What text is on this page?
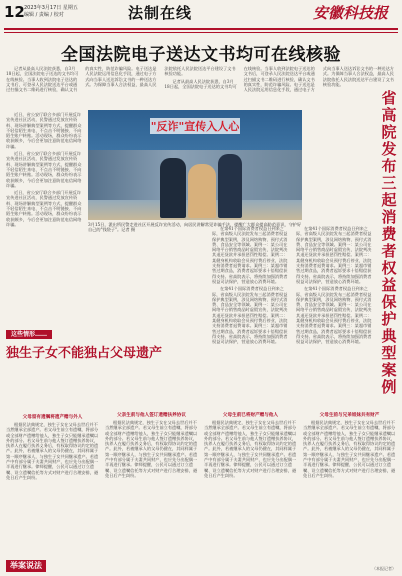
12 2023年3月17日 星期五
编辑 / 责编 / 校对	法制在线	安徽科技报
全国法院电子送达文书均可在线核验

记者从最高人民法院获悉，自3月18日起，全国法院电子送达的文书均可在线核验。当事人收到法院电子送达的文书后，可登录人民法院送达平台或通过扫描文书二维码进行核验，确认文书的真实性，防范诈骗风险。电子送达是人民法院运用信息化手段，通过电子方式向当事人送达诉讼文书的一种送达方式。为保障当事人合法权益，最高人民法院依托人民法院送达平台建设了文书核验功能。

记者从最高人民法院获悉，自3月18日起，全国法院电子送达的文书均可在线核验。当事人收到法院电子送达的文书后，可登录人民法院送达平台或通过扫描文书二维码进行核验，确认文书的真实性，防范诈骗风险。电子送达是人民法院运用信息化手段，通过电子方式向当事人送达诉讼文书的一种送达方式。为保障当事人合法权益，最高人民法院依托人民法院送达平台建设了文书核验功能。

近日，省公安厅联合多部门开展反诈宣传进社区活动，民警通过发放宣传资料、现场讲解典型案例等方式，提醒群众不轻信陌生来电、不点击不明链接、不向陌生账户转账。活动现场，群众纷纷表示收获颇多，今后会更加注意防范电信网络诈骗。

近日，省公安厅联合多部门开展反诈宣传进社区活动，民警通过发放宣传资料、现场讲解典型案例等方式，提醒群众不轻信陌生来电、不点击不明链接、不向陌生账户转账。活动现场，群众纷纷表示收获颇多，今后会更加注意防范电信网络诈骗。

近日，省公安厅联合多部门开展反诈宣传进社区活动，民警通过发放宣传资料、现场讲解典型案例等方式，提醒群众不轻信陌生来电、不点击不明链接、不向陌生账户转账。活动现场，群众纷纷表示收获颇多，今后会更加注意防范电信网络诈骗。

"反诈"宣传入人心
3月15日，派出所民警走进社区开展反诈宣传活动，向居民讲解常见诈骗手法，提醒广大群众提高防范意识，守护好自己的"钱袋子"。记者 摄
省高院发布三起消费者权益保护典型案例

在第41个国际消费者权益日到来之际，省高级人民法院发布三起消费者权益保护典型案例，涉及网络购物、预付式消费、食品安全等领域。案例一：某公司在网络平台销售商品时虚假宣传，法院判决其退还货款并承担惩罚性赔偿。案例二：某健身机构收取会员预付费后停业，法院支持消费者退费请求。案例三：某超市销售过期食品，消费者起诉要求十倍赔偿获得支持。省高院表示，将持续加强消费者权益司法保护，营造放心消费环境。

在第41个国际消费者权益日到来之际，省高级人民法院发布三起消费者权益保护典型案例，涉及网络购物、预付式消费、食品安全等领域。案例一：某公司在网络平台销售商品时虚假宣传，法院判决其退还货款并承担惩罚性赔偿。案例二：某健身机构收取会员预付费后停业，法院支持消费者退费请求。案例三：某超市销售过期食品，消费者起诉要求十倍赔偿获得支持。省高院表示，将持续加强消费者权益司法保护，营造放心消费环境。

在第41个国际消费者权益日到来之际，省高级人民法院发布三起消费者权益保护典型案例，涉及网络购物、预付式消费、食品安全等领域。案例一：某公司在网络平台销售商品时虚假宣传，法院判决其退还货款并承担惩罚性赔偿。案例二：某健身机构收取会员预付费后停业，法院支持消费者退费请求。案例三：某超市销售过期食品，消费者起诉要求十倍赔偿获得支持。省高院表示，将持续加强消费者权益司法保护，营造放心消费环境。

在第41个国际消费者权益日到来之际，省高级人民法院发布三起消费者权益保护典型案例，涉及网络购物、预付式消费、食品安全等领域。案例一：某公司在网络平台销售商品时虚假宣传，法院判决其退还货款并承担惩罚性赔偿。案例二：某健身机构收取会员预付费后停业，法院支持消费者退费请求。案例三：某超市销售过期食品，消费者起诉要求十倍赔偿获得支持。省高院表示，将持续加强消费者权益司法保护，营造放心消费环境。

这些情形……
独生子女不能独占父母遗产
父母留有遗嘱将遗产赠与外人

根据民法典规定，独生子女在父母去世后并不当然继承全部遗产。若父母生前立有遗嘱，将部分或全部财产遗赠给他人，独生子女只能继承遗嘱以外的部分。若父母生前与他人签订遗赠扶养协议，扶养人在履行扶养义务后，有权取得协议约定的遗产。此外，若被继承人的父母仍健在，其同样属于第一顺序继承人，与独生子女共同继承遗产。若遗产中有部分属于夫妻共同财产，也应先分出配偶一半再进行继承。律师提醒，公民可以通过订立遗嘱、设立遗嘱信托等方式对财产进行合理安排，避免日后产生纠纷。

父亲生前与他人签订遗赠扶养协议

根据民法典规定，独生子女在父母去世后并不当然继承全部遗产。若父母生前立有遗嘱，将部分或全部财产遗赠给他人，独生子女只能继承遗嘱以外的部分。若父母生前与他人签订遗赠扶养协议，扶养人在履行扶养义务后，有权取得协议约定的遗产。此外，若被继承人的父母仍健在，其同样属于第一顺序继承人，与独生子女共同继承遗产。若遗产中有部分属于夫妻共同财产，也应先分出配偶一半再进行继承。律师提醒，公民可以通过订立遗嘱、设立遗嘱信托等方式对财产进行合理安排，避免日后产生纠纷。

父母生前已将财产赠与他人

根据民法典规定，独生子女在父母去世后并不当然继承全部遗产。若父母生前立有遗嘱，将部分或全部财产遗赠给他人，独生子女只能继承遗嘱以外的部分。若父母生前与他人签订遗赠扶养协议，扶养人在履行扶养义务后，有权取得协议约定的遗产。此外，若被继承人的父母仍健在，其同样属于第一顺序继承人，与独生子女共同继承遗产。若遗产中有部分属于夫妻共同财产，也应先分出配偶一半再进行继承。律师提醒，公民可以通过订立遗嘱、设立遗嘱信托等方式对财产进行合理安排，避免日后产生纠纷。

父母生前与兄弟姐妹共有财产

根据民法典规定，独生子女在父母去世后并不当然继承全部遗产。若父母生前立有遗嘱，将部分或全部财产遗赠给他人，独生子女只能继承遗嘱以外的部分。若父母生前与他人签订遗赠扶养协议，扶养人在履行扶养义务后，有权取得协议约定的遗产。此外，若被继承人的父母仍健在，其同样属于第一顺序继承人，与独生子女共同继承遗产。若遗产中有部分属于夫妻共同财产，也应先分出配偶一半再进行继承。律师提醒，公民可以通过订立遗嘱、设立遗嘱信托等方式对财产进行合理安排，避免日后产生纠纷。

举案说法	（本报记者）
